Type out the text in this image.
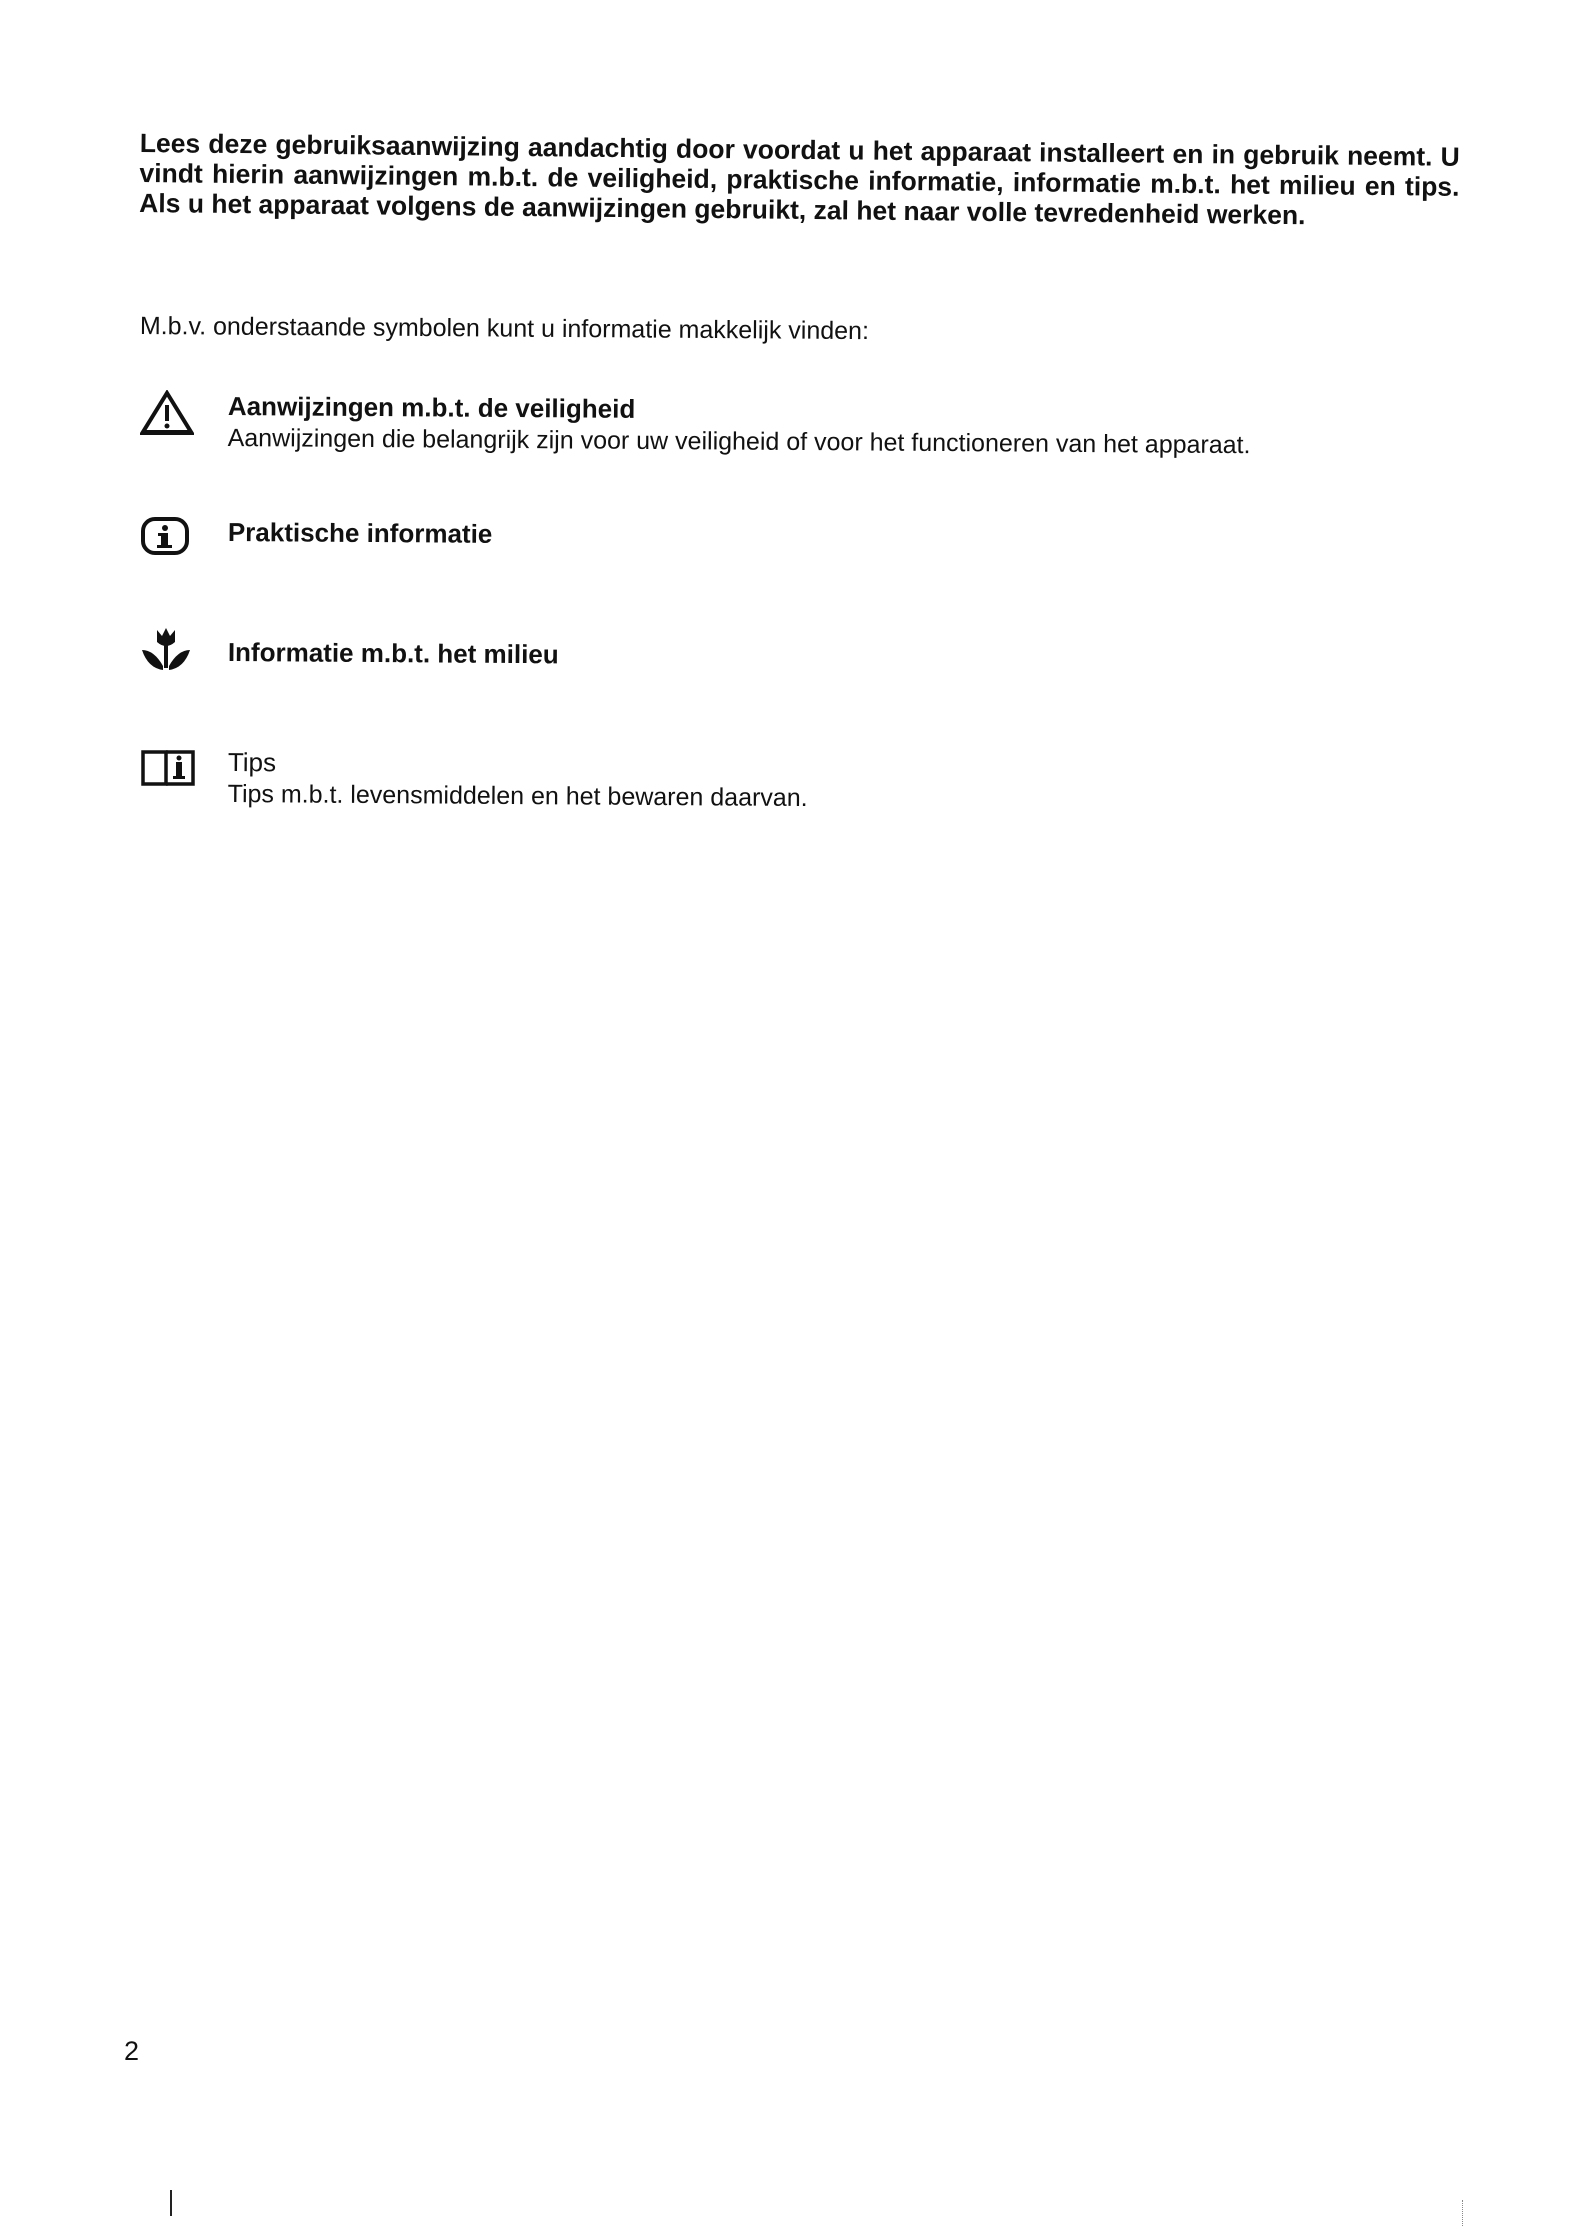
Lees deze gebruiksaanwijzing aandachtig door voordat u het apparaat installeert en in gebruik neemt. U vindt hierin aanwijzingen m.b.t. de veiligheid, praktische informatie, informatie m.b.t. het milieu en tips. Als u het apparaat volgens de aanwijzingen gebruikt, zal het naar volle tevredenheid werken.

M.b.v. onderstaande symbolen kunt u informatie makkelijk vinden:

Aanwijzingen m.b.t. de veiligheid
Aanwijzingen die belangrijk zijn voor uw veiligheid of voor het functioneren van het apparaat.
Praktische informatie
Informatie m.b.t. het milieu
Tips
Tips m.b.t. levensmiddelen en het bewaren daarvan.
2
